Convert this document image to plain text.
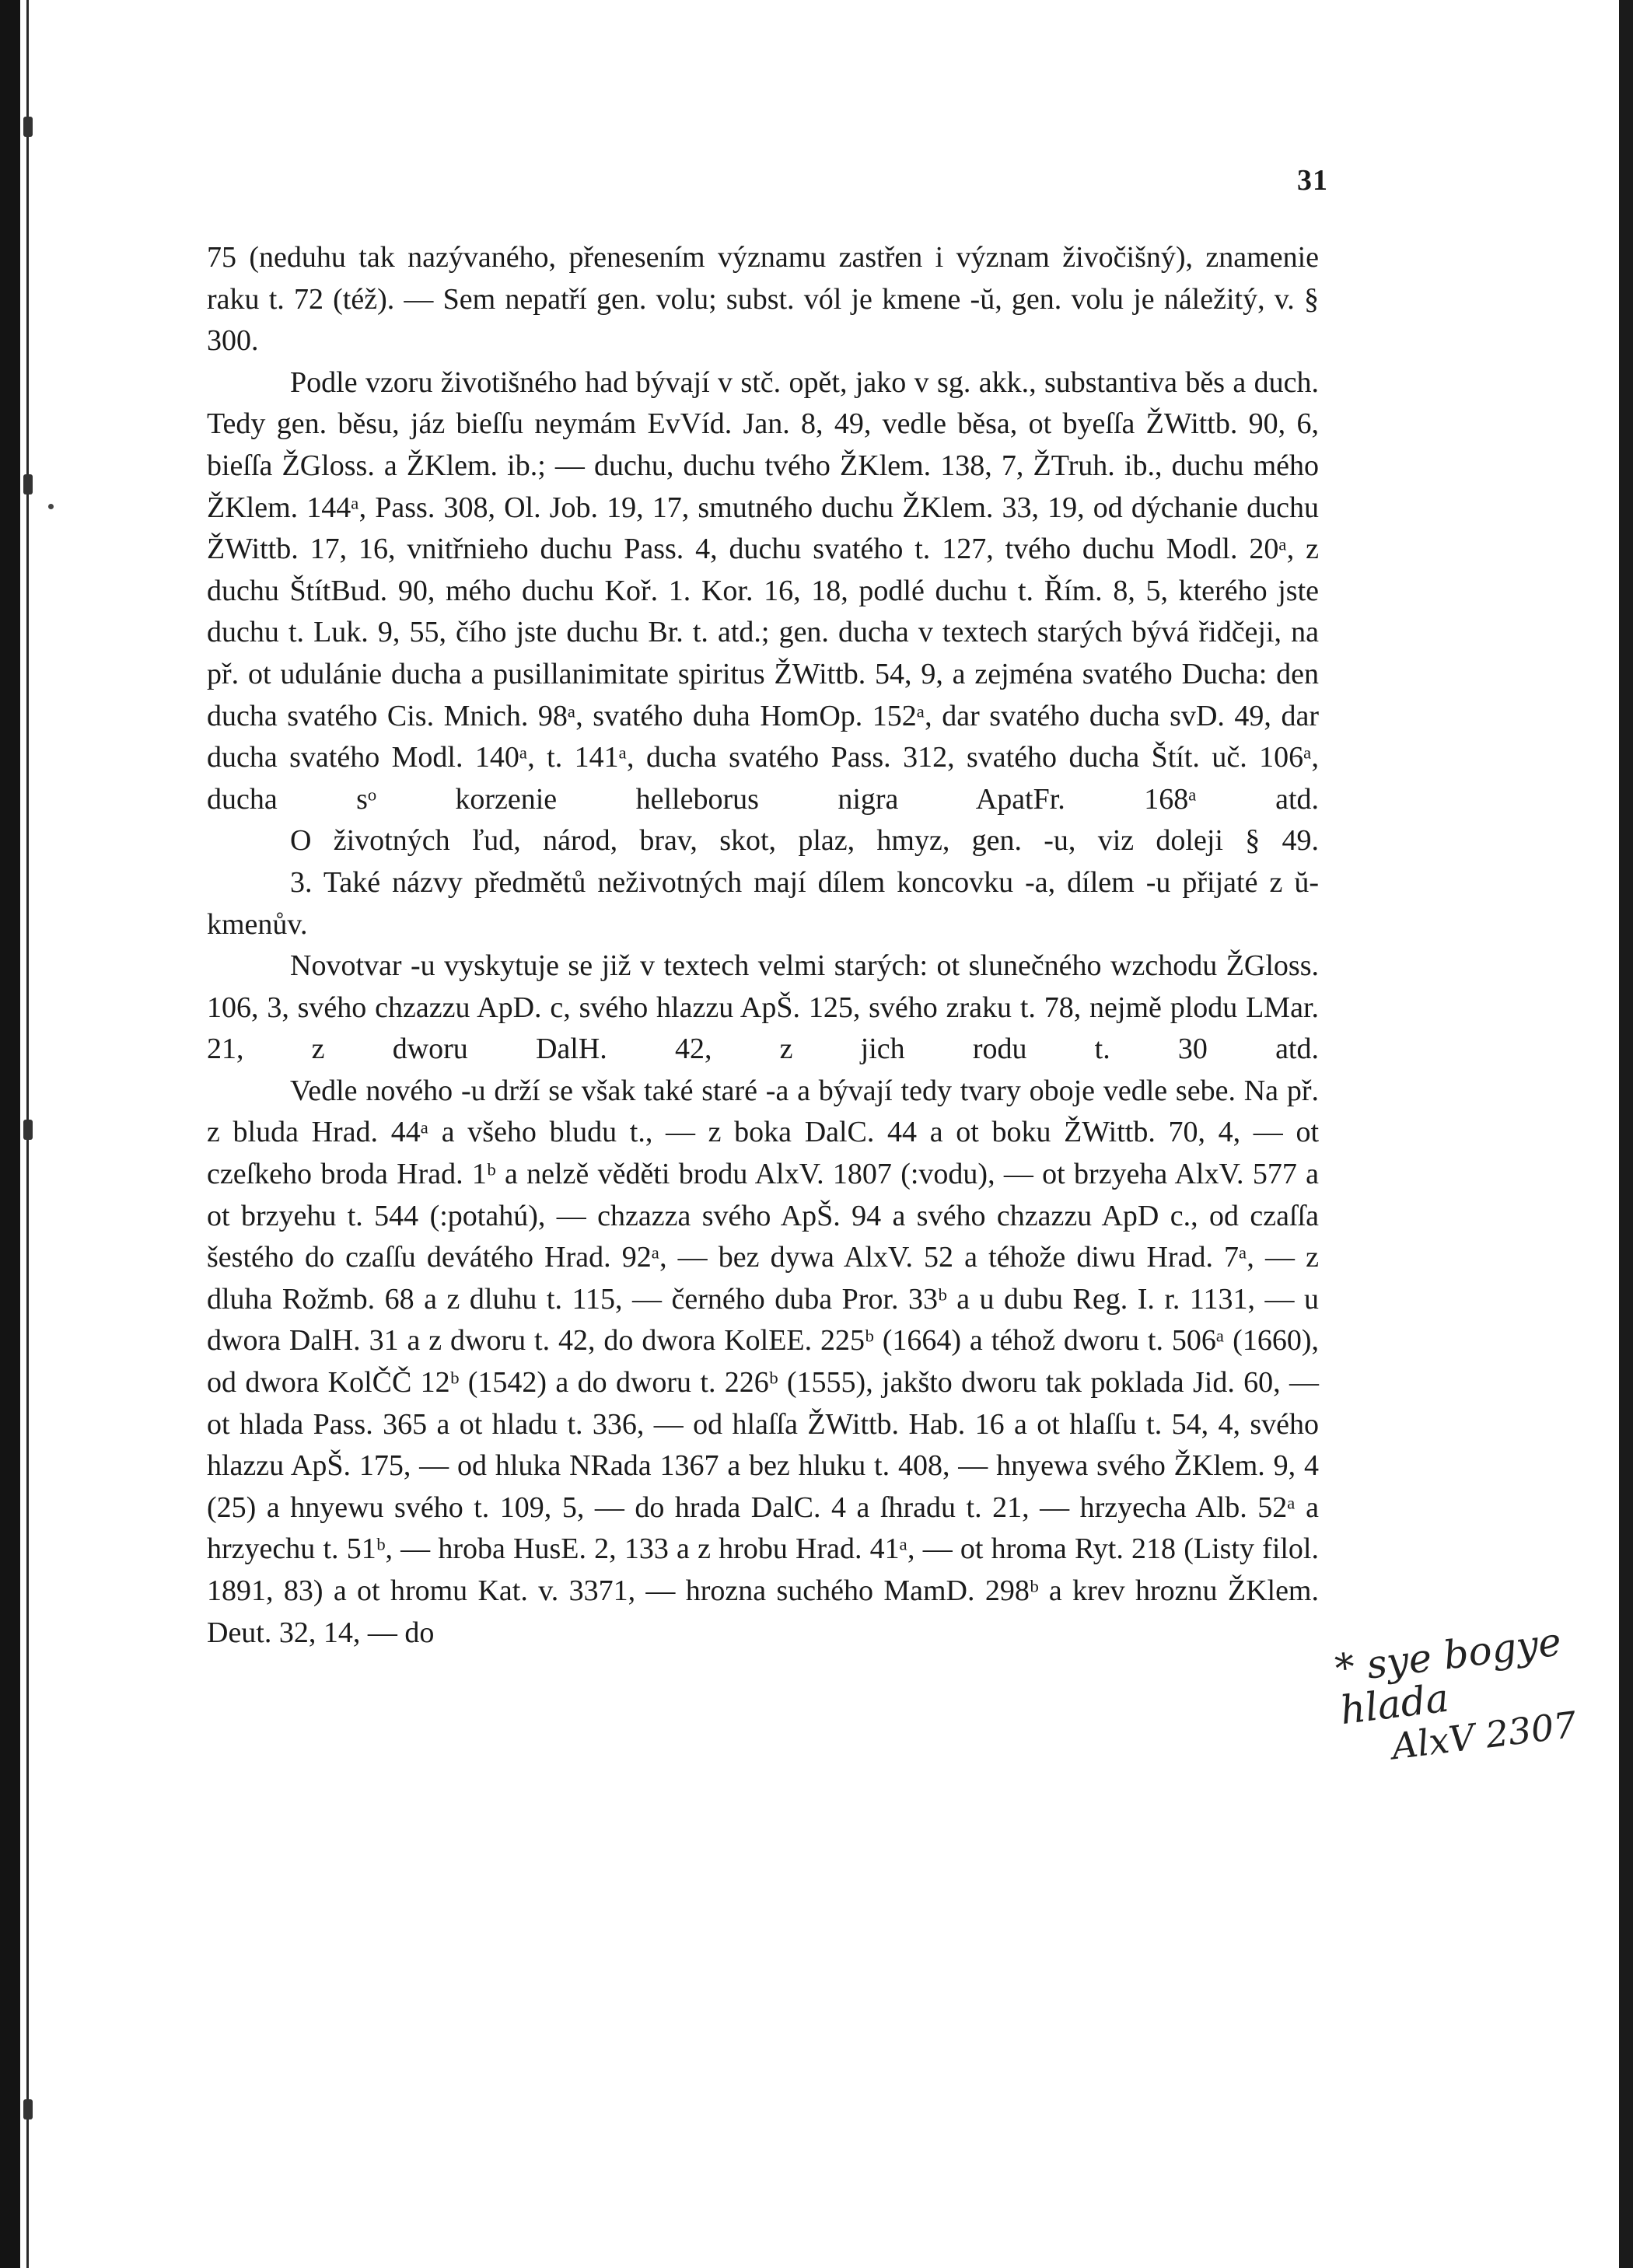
31

75 (neduhu tak nazývaného, přenesením významu zastřen i význam živočišný), znamenie raku t. 72 (též). — Sem nepatří gen. volu; subst. vól je kmene -ŭ, gen. volu je náležitý, v. § 300.

Podle vzoru životišného had bývají v stč. opět, jako v sg. akk., substantiva běs a duch. Tedy gen. běsu, jáz bieſſu neymám EvVíd. Jan. 8, 49, vedle běsa, ot byeſſa ŽWittb. 90, 6, bieſſa ŽGloss. a ŽKlem. ib.; — duchu, duchu tvého ŽKlem. 138, 7, ŽTruh. ib., duchu mého ŽKlem. 144ᵃ, Pass. 308, Ol. Job. 19, 17, smutného duchu ŽKlem. 33, 19, od dýchanie duchu ŽWittb. 17, 16, vnitřnieho duchu Pass. 4, duchu svatého t. 127, tvého duchu Modl. 20ᵃ, z duchu ŠtítBud. 90, mého duchu Koř. 1. Kor. 16, 18, podlé duchu t. Řím. 8, 5, kterého jste duchu t. Luk. 9, 55, čího jste duchu Br. t. atd.; gen. ducha v textech starých bývá řidčeji, na př. ot udulánie ducha a pusillanimitate spiritus ŽWittb. 54, 9, a zejména svatého Ducha: den ducha svatého Cis. Mnich. 98ᵃ, svatého duha HomOp. 152ᵃ, dar svatého ducha svD. 49, dar ducha svatého Modl. 140ᵃ, t. 141ᵃ, ducha svatého Pass. 312, svatého ducha Štít. uč. 106ᵃ, ducha sᵒ korzenie helleborus nigra ApatFr. 168ᵃ atd.

O životných ľud, národ, brav, skot, plaz, hmyz, gen. -u, viz doleji § 49.

3. Také názvy předmětů neživotných mají dílem koncovku -a, dílem -u přijaté z ŭ-kmenův.

Novotvar -u vyskytuje se již v textech velmi starých: ot slunečného wzchodu ŽGloss. 106, 3, svého chzazzu ApD. c, svého hlazzu ApŠ. 125, svého zraku t. 78, nejmě plodu LMar. 21, z dworu DalH. 42, z jich rodu t. 30 atd.

Vedle nového -u drží se však také staré -a a bývají tedy tvary oboje vedle sebe. Na př. z bluda Hrad. 44ᵃ a všeho bludu t., — z boka DalC. 44 a ot boku ŽWittb. 70, 4, — ot czeſkeho broda Hrad. 1ᵇ a nelzě věděti brodu AlxV. 1807 (:vodu), — ot brzyeha AlxV. 577 a ot brzyehu t. 544 (:potahú), — chzazza svého ApŠ. 94 a svého chzazzu ApD c., od czaſſa šestého do czaſſu devátého Hrad. 92ᵃ, — bez dywa AlxV. 52 a téhože diwu Hrad. 7ᵃ, — z dluha Rožmb. 68 a z dluhu t. 115, — černého duba Pror. 33ᵇ a u dubu Reg. I. r. 1131, — u dwora DalH. 31 a z dworu t. 42, do dwora KolEE. 225ᵇ (1664) a téhož dworu t. 506ᵃ (1660), od dwora KolČČ 12ᵇ (1542) a do dworu t. 226ᵇ (1555), jakšto dworu tak poklada Jid. 60, — ot hlada Pass. 365 a ot hladu t. 336, — od hlaſſa ŽWittb. Hab. 16 a ot hlaſſu t. 54, 4, svého hlazzu ApŠ. 175, — od hluka NRada 1367 a bez hluku t. 408, — hnyewa svého ŽKlem. 9, 4 (25) a hnyewu svého t. 109, 5, — do hrada DalC. 4 a ſhradu t. 21, — hrzyecha Alb. 52ᵃ a hrzyechu t. 51ᵇ, — hroba HusE. 2, 133 a z hrobu Hrad. 41ᵃ, — ot hroma Ryt. 218 (Listy filol. 1891, 83) a ot hromu Kat. v. 3371, — hrozna suchého MamD. 298ᵇ a krev hroznu ŽKlem. Deut. 32, 14, — do	* sye bogye hlada
AlxV 2307
